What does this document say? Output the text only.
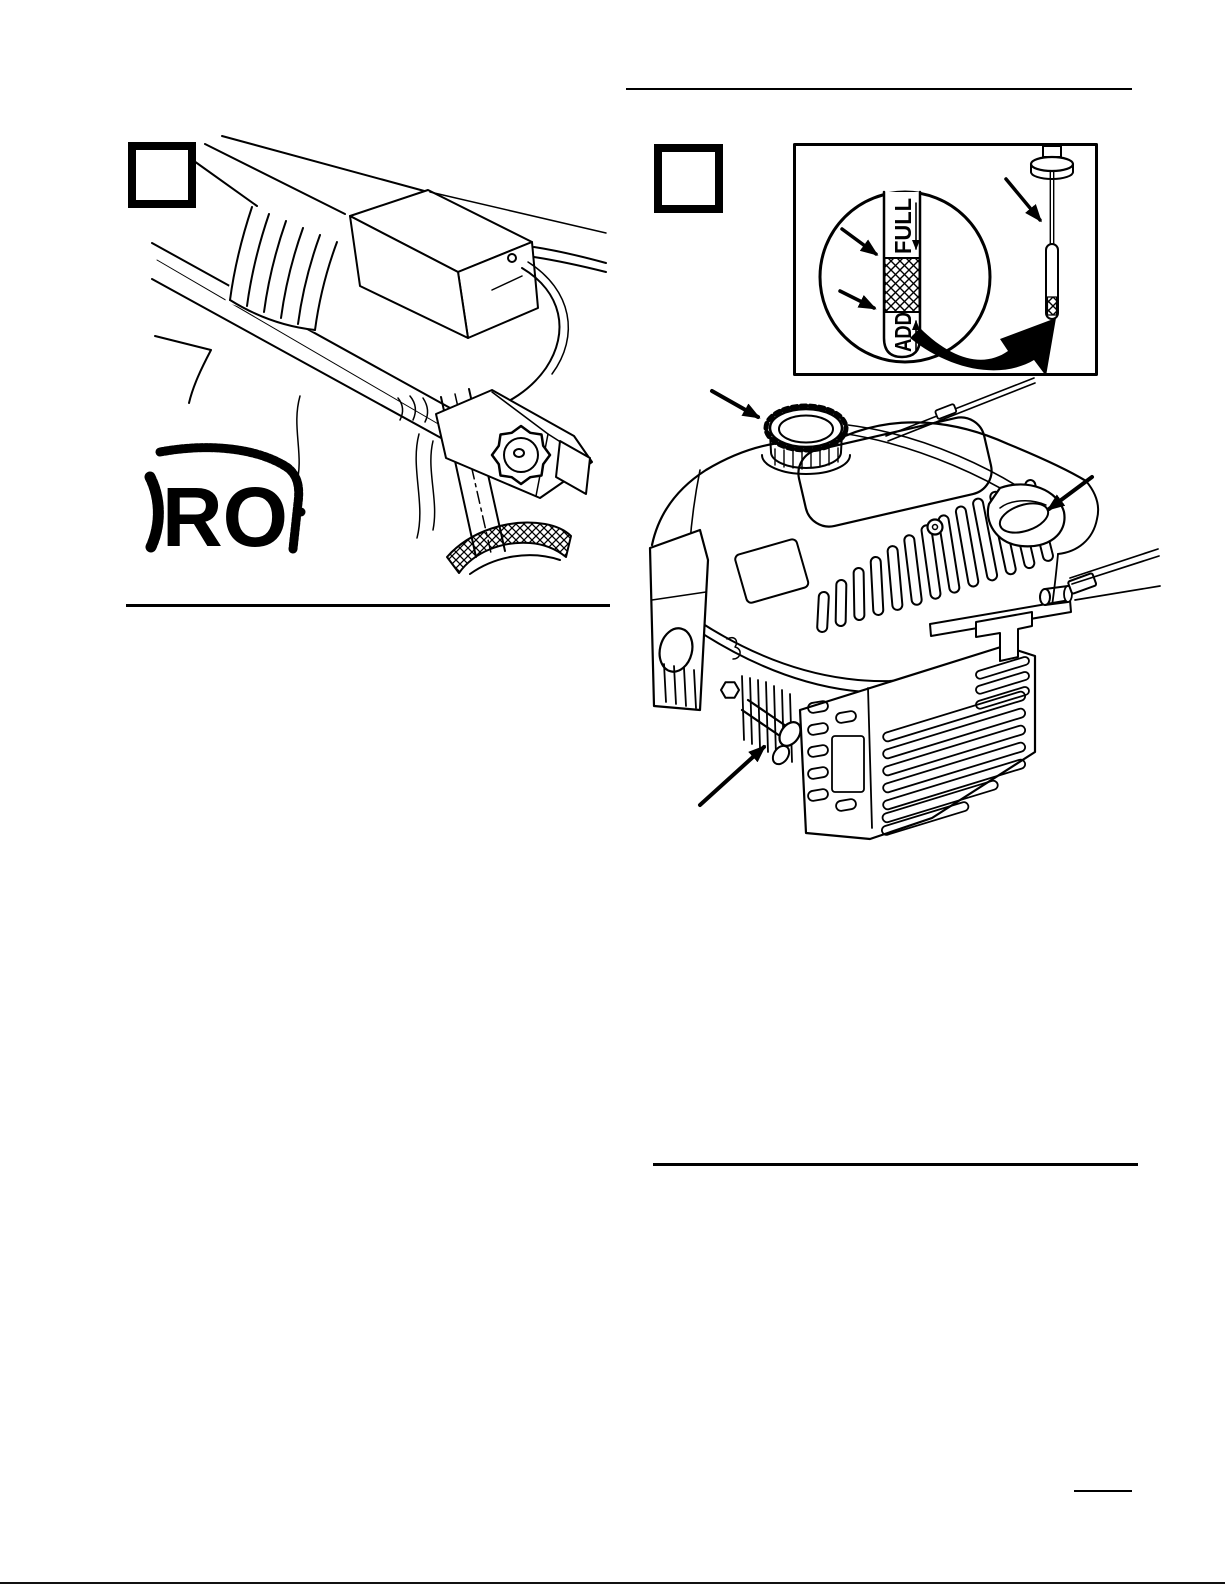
RO
FULL
ADD
